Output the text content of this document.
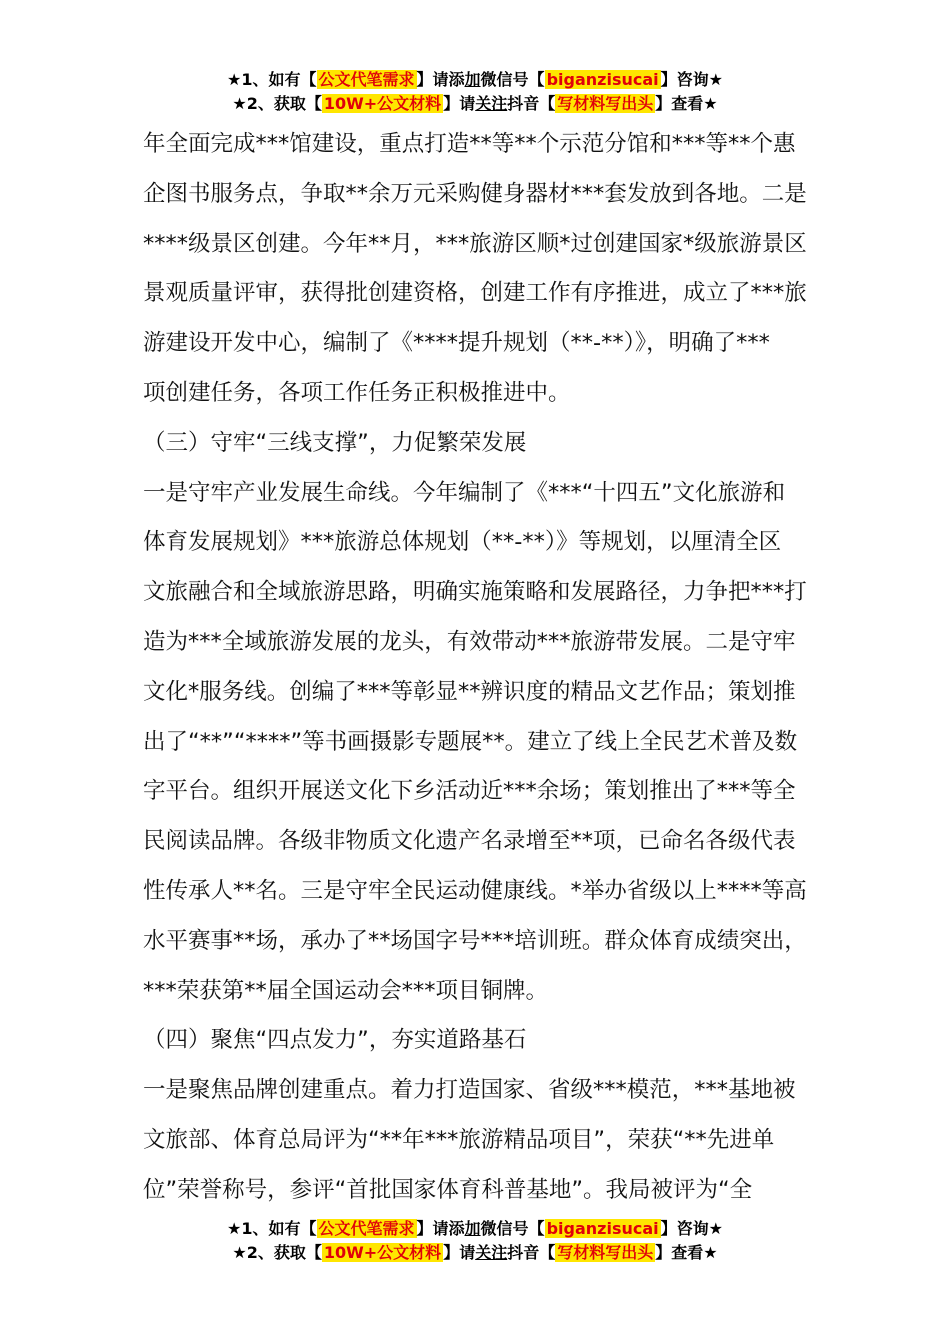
★1、如有【 公文代笔需求 】请添加微信号【 biganzisucai 】咨询★
★2、获取【 10W+公文材料 】请关注抖音【 写材料写出头 】查看★

年全面完成***馆建设，重点打造**等**个示范分馆和***等**个惠

企图书服务点，争取**余万元采购健身器材***套发放到各地。二是

****级景区创建。今年**月，***旅游区顺*过创建国家*级旅游景区

景观质量评审，获得批创建资格，创建工作有序推进，成立了***旅

游建设开发中心，编制了《****提升规划（**-**）》，明确了***

项创建任务，各项工作任务正积极推进中。

（三）守牢“三线支撑”，力促繁荣发展

一是守牢产业发展生命线。今年编制了《***“十四五”文化旅游和

体育发展规划》***旅游总体规划（**-**）》等规划，以厘清全区

文旅融合和全域旅游思路，明确实施策略和发展路径，力争把***打

造为***全域旅游发展的龙头，有效带动***旅游带发展。二是守牢

文化*服务线。创编了***等彰显**辨识度的精品文艺作品；策划推

出了“**”“****”等书画摄影专题展**。建立了线上全民艺术普及数

字平台。组织开展送文化下乡活动近***余场；策划推出了***等全

民阅读品牌。各级非物质文化遗产名录增至**项，已命名各级代表

性传承人**名。三是守牢全民运动健康线。*举办省级以上****等高

水平赛事**场，承办了**场国字号***培训班。群众体育成绩突出，

***荣获第**届全国运动会***项目铜牌。

（四）聚焦“四点发力”，夯实道路基石

一是聚焦品牌创建重点。着力打造国家、省级***模范，***基地被

文旅部、体育总局评为“**年***旅游精品项目”，荣获“**先进单

位”荣誉称号，参评“首批国家体育科普基地”。我局被评为“全

★1、如有【 公文代笔需求 】请添加微信号【 biganzisucai 】咨询★
★2、获取【 10W+公文材料 】请关注抖音【 写材料写出头 】查看★
